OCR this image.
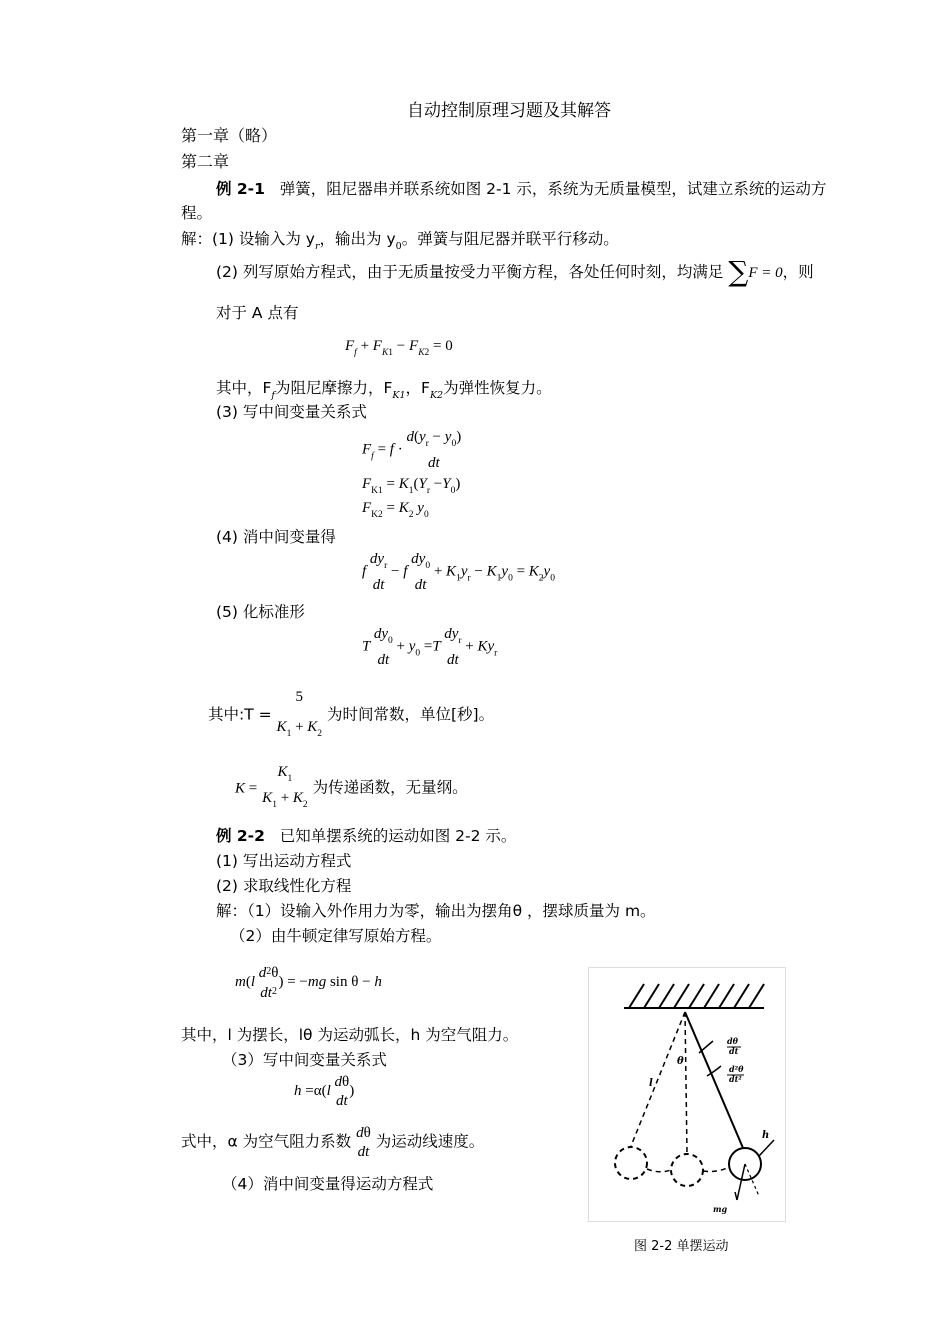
自动控制原理习题及其解答
第一章（略）
第二章
例 2-1 弹簧，阻尼器串并联系统如图 2-1 示，系统为无质量模型，试建立系统的运动方
程。
解：(1) 设输入为 $y_r$，输出为 $y_0$。弹簧与阻尼器并联平行移动。
(2) 列写原始方程式，由于无质量按受力平衡方程，各处任何时刻，均满足 ∑F = 0，则
对于 A 点有
$F_f + F_{K1} - F_{K2} = 0$
其中，$F_f$为阻尼摩擦力，$F_{K1}$，$F_{K2}$为弹性恢复力。
(3) 写中间变量关系式
$F_f = f$ ·
$d(y_r - y_0)$
dt
$F_{K1} = K_1(Y_r -Y_0)$
$F_{K2} = K_2$ $y_0$
(4) 消中间变量得
f
$dy_r$
dt
− f
$dy_0$
dt
+ $K_1y_r - K_1y_0 = K_2y_0$
(5) 化标准形
T
$dy_0$
dt
+ $y_0 =T$
$dy_r$
dt
+ $Ky_r$
其中:T =
5
$K_1 + K_2$
为时间常数，单位[秒]。
K =
$K_1$
$K_1 + K_2$
为传递函数，无量纲。
例 2-2 已知单摆系统的运动如图 2-2 示。
(1) 写出运动方程式
(2) 求取线性化方程
解：（1）设输入外作用力为零，输出为摆角θ ，摆球质量为 m。
（2）由牛顿定律写原始方程。
m(l
$d^2\theta$
$dt^2$
) = −mg sin θ − h
其中，l 为摆长，lθ 为运动弧长，h 为空气阻力。
（3）写中间变量关系式
h =α(l
dθ
dt
)
式中，α 为空气阻力系数 dθ
dt
为运动线速度。
（4）消中间变量得运动方程式
l
θ
h
mg
dθ
dt
d²θ
dt²
图 2-2 单摆运动
